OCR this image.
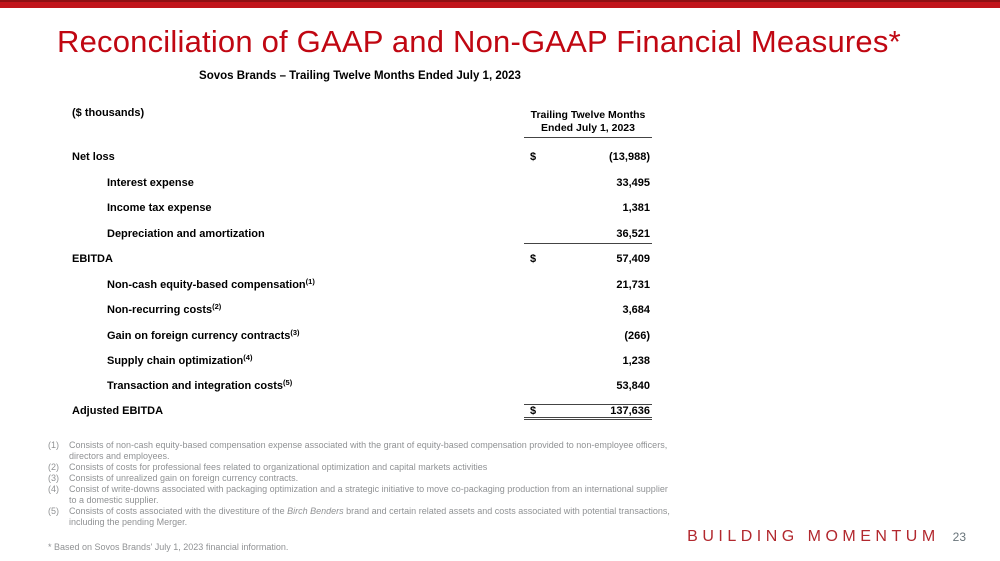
Reconciliation of GAAP and Non-GAAP Financial Measures*
Sovos Brands – Trailing Twelve Months Ended July 1, 2023
($ thousands)	Trailing Twelve Months
Ended July 1, 2023
Net loss	$	(13,988)
Interest expense	33,495
Income tax expense	1,381
Depreciation and amortization	36,521
EBITDA	$	57,409
Non-cash equity-based compensation$^{(1)}$	21,731
Non-recurring costs$^{(2)}$	3,684
Gain on foreign currency contracts$^{(3)}$	(266)
Supply chain optimization$^{(4)}$	1,238
Transaction and integration costs$^{(5)}$	53,840
Adjusted EBITDA	$	137,636
(1)	Consists of non-cash equity-based compensation expense associated with the grant of equity-based compensation provided to non-employee officers, directors and employees.
(2)	Consists of costs for professional fees related to organizational optimization and capital markets activities
(3)	Consists of unrealized gain on foreign currency contracts.
(4)	Consist of write-downs associated with packaging optimization and a strategic initiative to move co-packaging production from an international supplier to a domestic supplier.
(5)	Consists of costs associated with the divestiture of the Birch Benders brand and certain related assets and costs associated with potential transactions, including the pending Merger.
* Based on Sovos Brands' July 1, 2023 financial information.
BUILDING MOMENTUM 23
